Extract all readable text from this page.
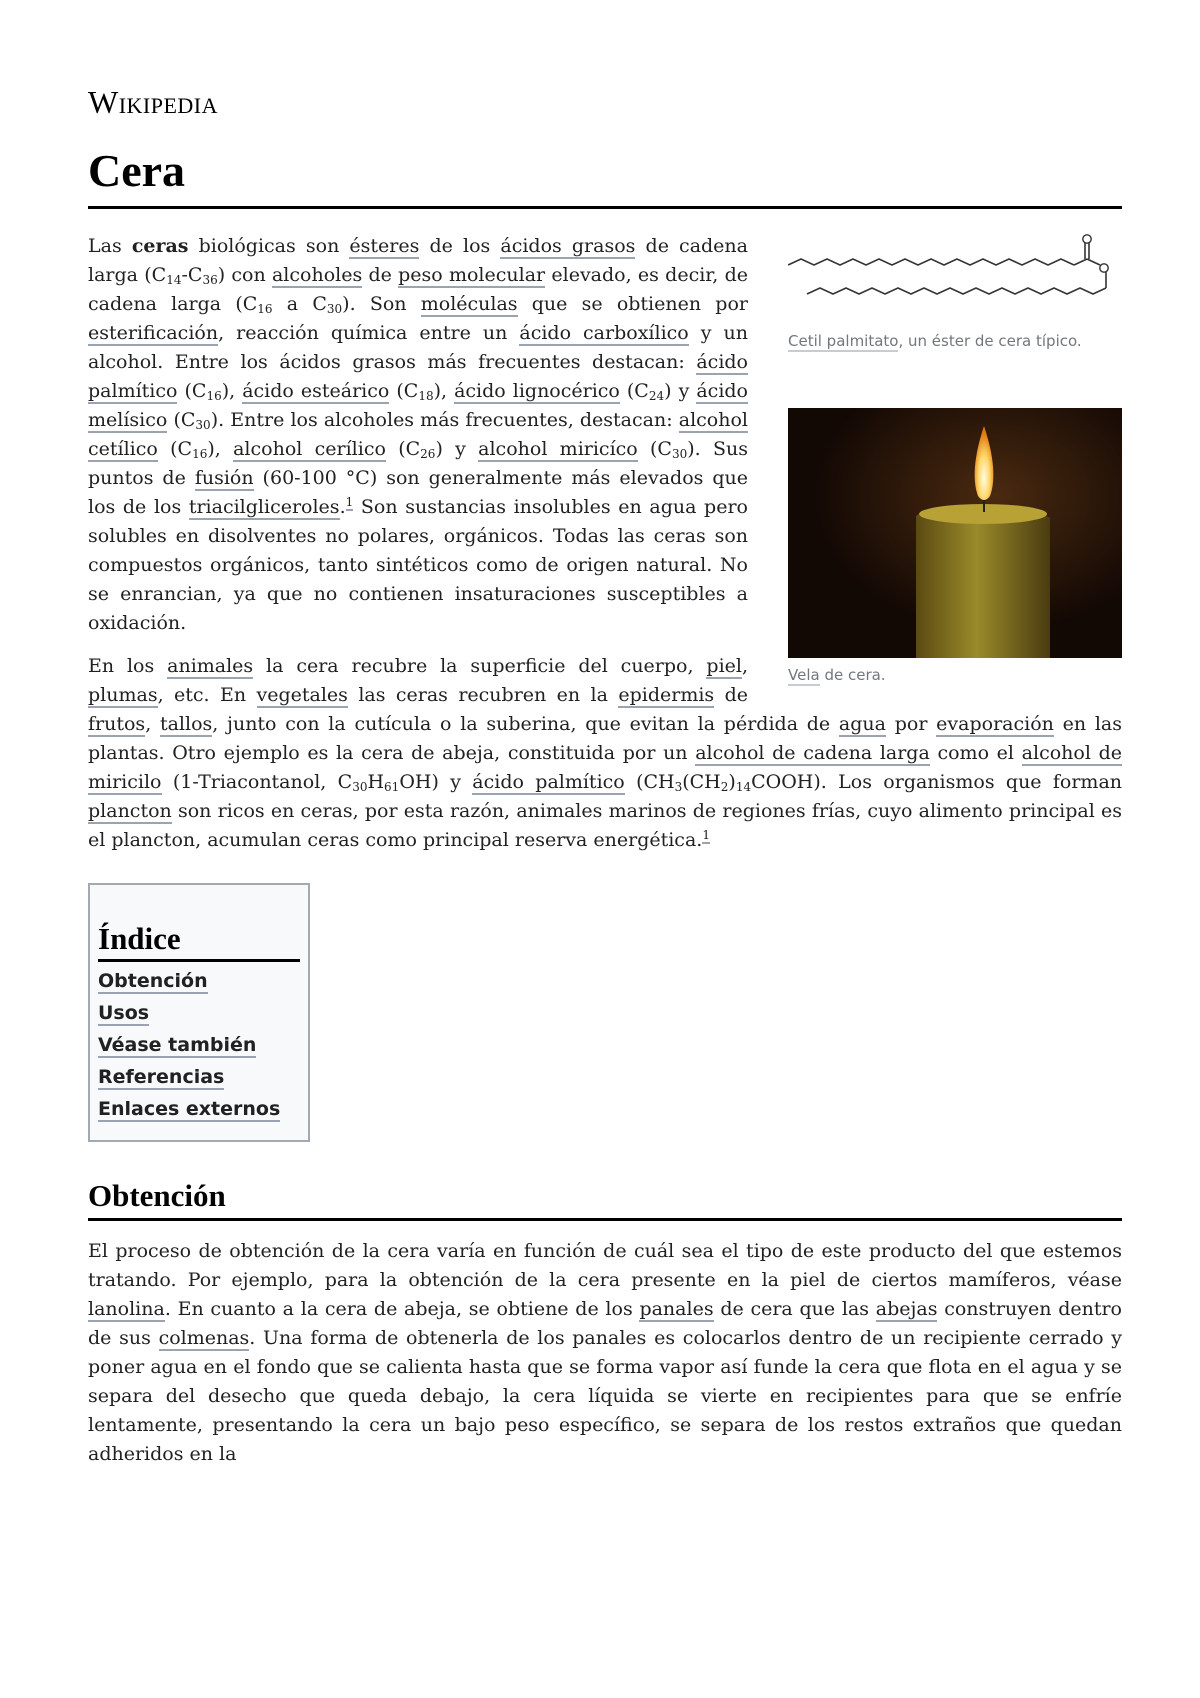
Wikipedia
Cera
Cetil palmitato, un éster de cera típico.
Vela de cera.

Las ceras biológicas son ésteres de los ácidos grasos de cadena larga $(C_{14}-C_{36})$ con alcoholes de peso molecular elevado, es decir, de cadena larga ($C_{16}$ a $C_{30}$). Son moléculas que se obtienen por esterificación, reacción química entre un ácido carboxílico y un alcohol. Entre los ácidos grasos más frecuentes destacan: ácido palmítico $(C_{16})$, ácido esteárico $(C_{18})$, ácido lignocérico $(C_{24})$ y ácido melísico $(C_{30})$. Entre los alcoholes más frecuentes, destacan: alcohol cetílico $(C_{16})$, alcohol cerílico $(C_{26})$ y alcohol miricíco $(C_{30})$. Sus puntos de fusión (60-100 °C) son generalmente más elevados que los de los triacilgliceroles.$^1$ Son sustancias insolubles en agua pero solubles en disolventes no polares, orgánicos. Todas las ceras son compuestos orgánicos, tanto sintéticos como de origen natural. No se enrancian, ya que no contienen insaturaciones susceptibles a oxidación.

En los animales la cera recubre la superficie del cuerpo, piel, plumas, etc. En vegetales las ceras recubren en la epidermis de frutos, tallos, junto con la cutícula o la suberina, que evitan la pérdida de agua por evaporación en las plantas. Otro ejemplo es la cera de abeja, constituida por un alcohol de cadena larga como el alcohol de miricilo (1-Triacontanol, $C_{30}H_{61}OH$) y ácido palmítico $(CH_3(CH_2)_{14}COOH)$. Los organismos que forman plancton son ricos en ceras, por esta razón, animales marinos de regiones frías, cuyo alimento principal es el plancton, acumulan ceras como principal reserva energética.$^1$

Índice
Obtención
Usos
Véase también
Referencias
Enlaces externos
Obtención

El proceso de obtención de la cera varía en función de cuál sea el tipo de este producto del que estemos tratando. Por ejemplo, para la obtención de la cera presente en la piel de ciertos mamíferos, véase lanolina. En cuanto a la cera de abeja, se obtiene de los panales de cera que las abejas construyen dentro de sus colmenas. Una forma de obtenerla de los panales es colocarlos dentro de un recipiente cerrado y poner agua en el fondo que se calienta hasta que se forma vapor así funde la cera que flota en el agua y se separa del desecho que queda debajo, la cera líquida se vierte en recipientes para que se enfríe lentamente, presentando la cera un bajo peso específico, se separa de los restos extraños que quedan adheridos en la
